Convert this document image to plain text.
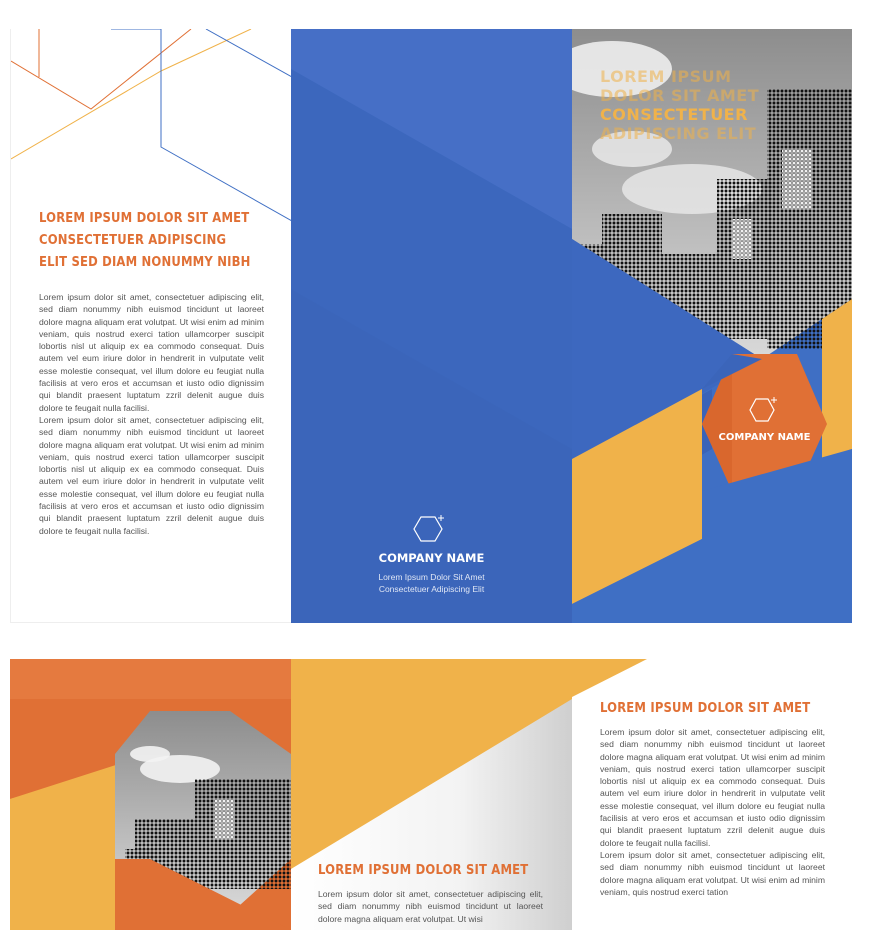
LOREM IPSUM DOLOR SIT AMET
CONSECTETUER ADIPISCING
ELIT SED DIAM NONUMMY NIBH

Lorem ipsum dolor sit amet, consectetuer adipiscing elit, sed diam nonummy nibh euismod tincidunt ut laoreet dolore magna aliquam erat volutpat. Ut wisi enim ad minim veniam, quis nostrud exerci tation ullamcorper suscipit lobortis nisl ut aliquip ex ea commodo consequat. Duis autem vel eum iriure dolor in hendrerit in vulputate velit esse molestie consequat, vel illum dolore eu feugiat nulla facilisis at vero eros et accumsan et iusto odio dignissim qui blandit praesent luptatum zzril delenit augue duis dolore te feugait nulla facilisi.

Lorem ipsum dolor sit amet, consectetuer adipiscing elit, sed diam nonummy nibh euismod tincidunt ut laoreet dolore magna aliquam erat volutpat. Ut wisi enim ad minim veniam, quis nostrud exerci tation ullamcorper suscipit lobortis nisl ut aliquip ex ea commodo consequat. Duis autem vel eum iriure dolor in hendrerit in vulputate velit esse molestie consequat, vel illum dolore eu feugiat nulla facilisis at vero eros et accumsan et iusto odio dignissim qui blandit praesent luptatum zzril delenit augue duis dolore te feugait nulla facilisi.

COMPANY NAME
Lorem Ipsum Dolor Sit Amet
Consectetuer Adipiscing Elit
LOREM IPSUM
DOLOR SIT AMET
CONSECTETUER
ADIPISCING ELIT
COMPANY NAME
LOREM IPSUM DOLOR SIT AMET

Lorem ipsum dolor sit amet, consectetuer adipiscing elit, sed diam nonummy nibh euismod tincidunt ut laoreet dolore magna aliquam erat volutpat. Ut wisi

LOREM IPSUM DOLOR SIT AMET

Lorem ipsum dolor sit amet, consectetuer adipiscing elit, sed diam nonummy nibh euismod tincidunt ut laoreet dolore magna aliquam erat volutpat. Ut wisi enim ad minim veniam, quis nostrud exerci tation ullamcorper suscipit lobortis nisl ut aliquip ex ea commodo consequat. Duis autem vel eum iriure dolor in hendrerit in vulputate velit esse molestie consequat, vel illum dolore eu feugiat nulla facilisis at vero eros et accumsan et iusto odio dignissim qui blandit praesent luptatum zzril delenit augue duis dolore te feugait nulla facilisi.

Lorem ipsum dolor sit amet, consectetuer adipiscing elit, sed diam nonummy nibh euismod tincidunt ut laoreet dolore magna aliquam erat volutpat. Ut wisi enim ad minim veniam, quis nostrud exerci tation
